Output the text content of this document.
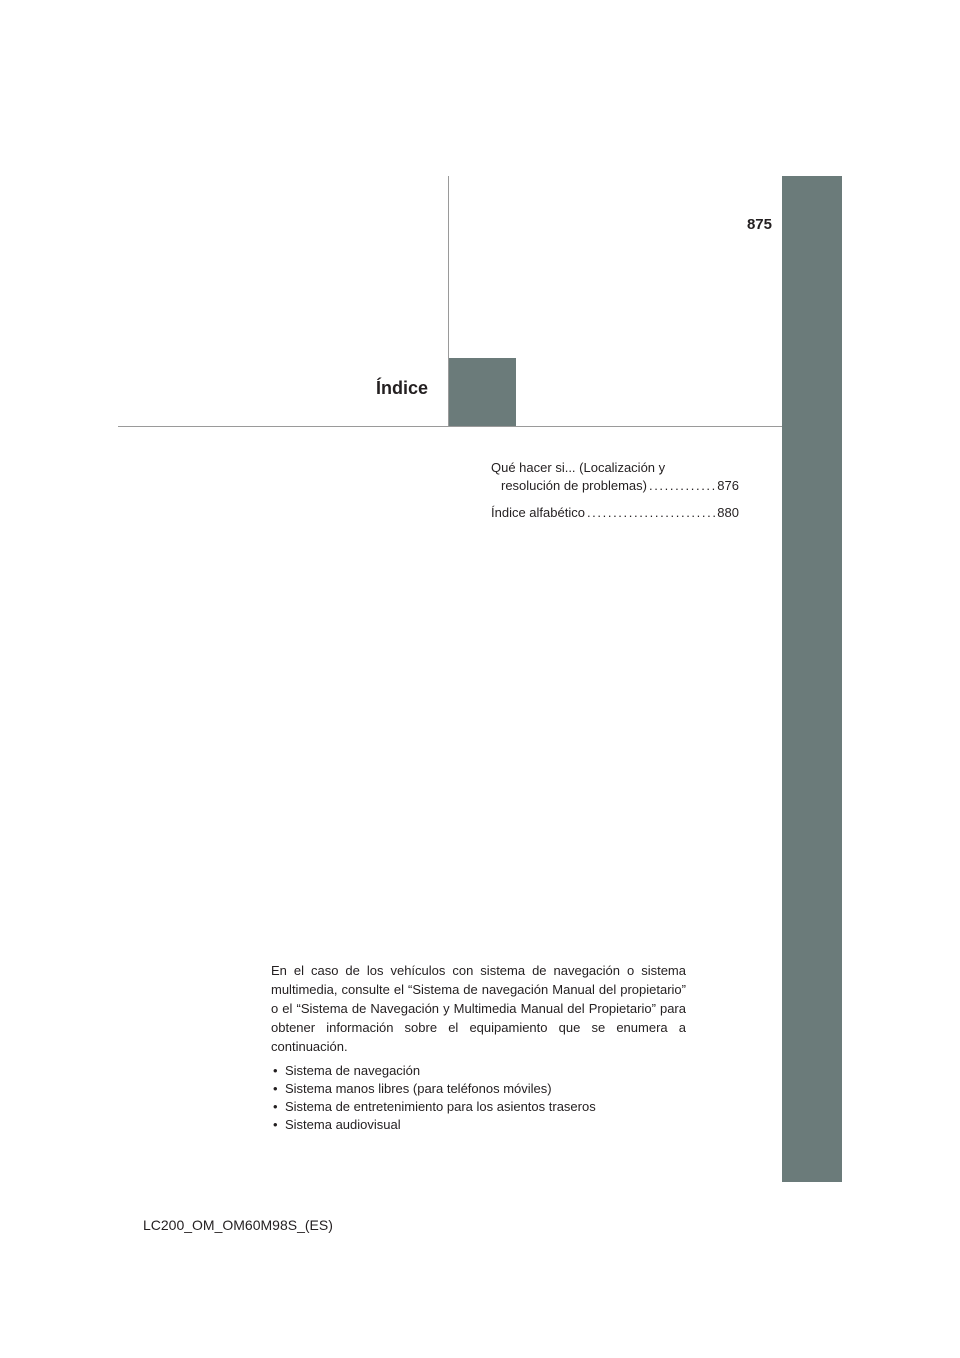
875
Índice
Qué hacer si... (Localización y
resolución de problemas) . . .	876
Índice alfabético . . .	880

En el caso de los vehículos con sistema de navegación o sistema multimedia, consulte el “Sistema de navegación Manual del propietario” o el “Sistema de Navegación y Multimedia Manual del Propietario” para obtener información sobre el equipamiento que se enumera a continuación.

• Sistema de navegación
• Sistema manos libres (para teléfonos móviles)
• Sistema de entretenimiento para los asientos traseros
• Sistema audiovisual
LC200_OM_OM60M98S_(ES)
